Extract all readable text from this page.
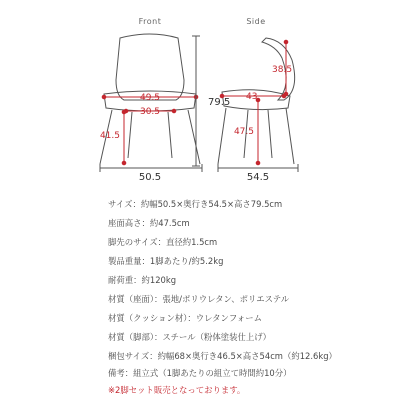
Front	Side
49.5
30.5
41.5
79.5
50.5
38.5
43
47.5
54.5
サイズ：約幅50.5×奥行き54.5×高さ79.5cm
座面高さ：約47.5cm
脚先のサイズ：直径約1.5cm
製品重量：1脚あたり/約5.2kg
耐荷重：約120kg
材質（座面）：張地/ポリウレタン、ポリエステル
材質（クッション材）：ウレタンフォーム
材質（脚部）：スチール（粉体塗装仕上げ）
梱包サイズ：約幅68×奥行き46.5×高さ54cm（約12.6kg）
備考：組立式（1脚あたりの組立て時間約10分）
※2脚セット販売となっております。
